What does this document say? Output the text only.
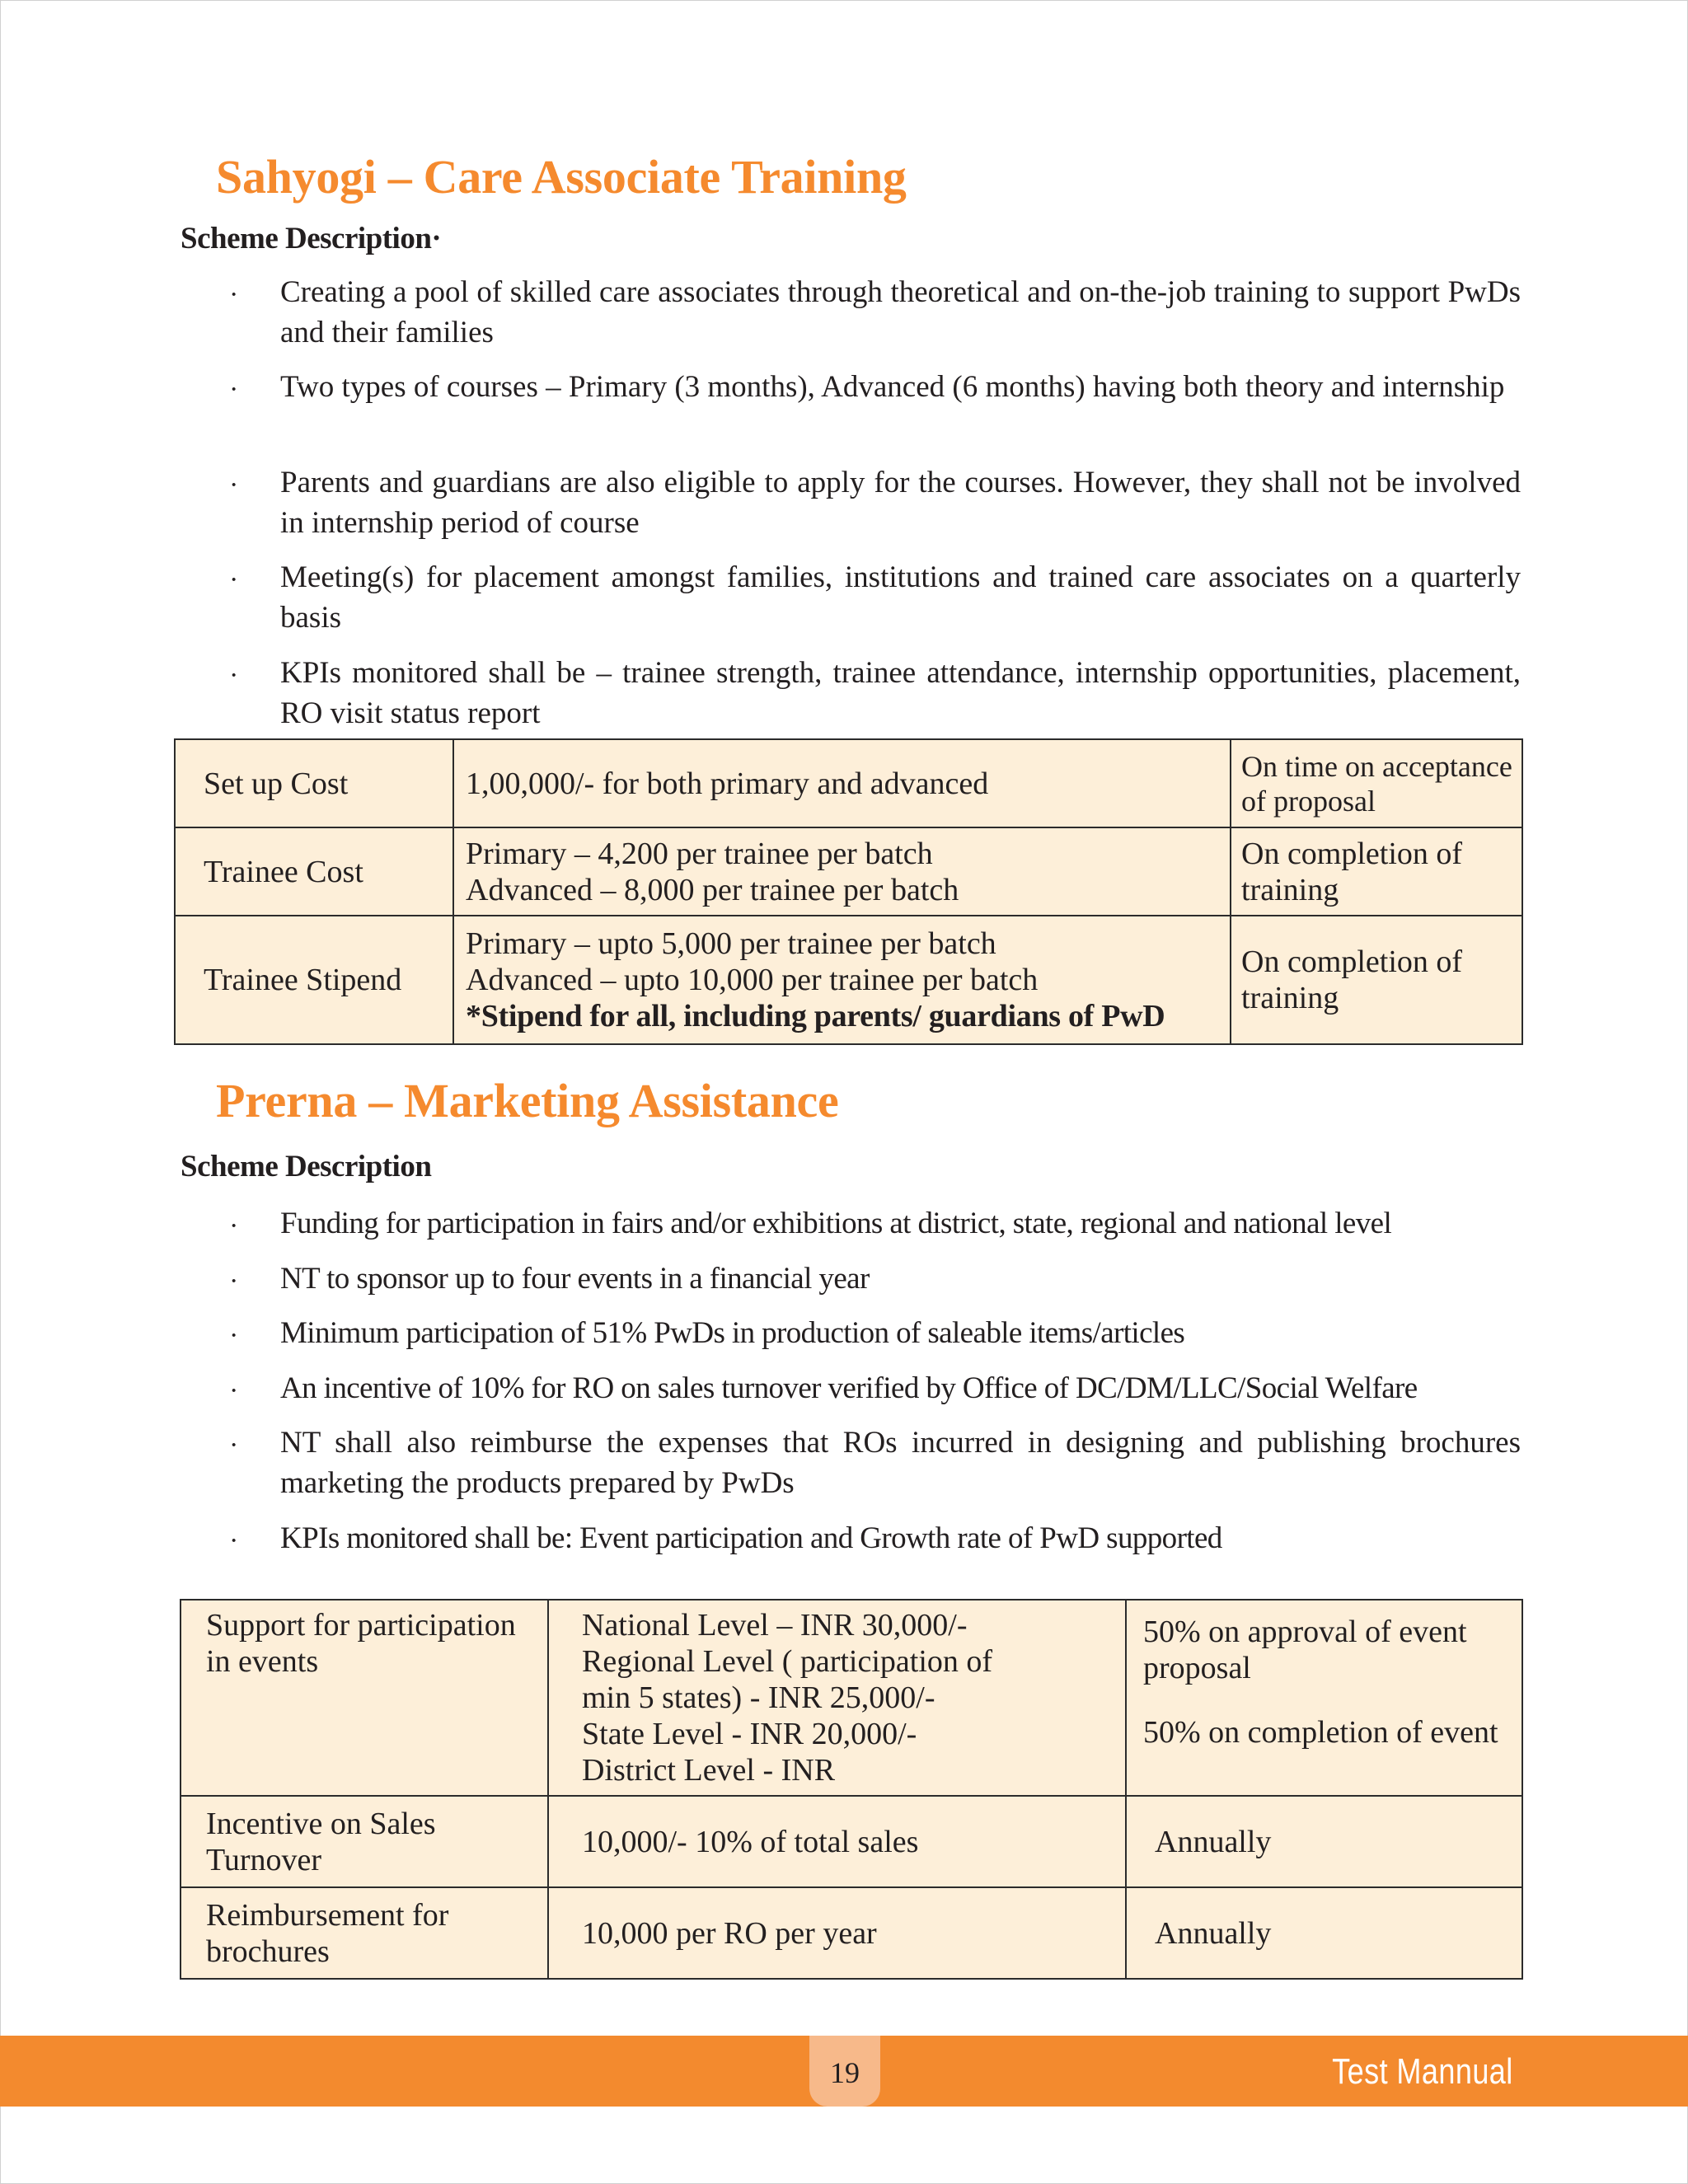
Sahyogi – Care Associate Training
Scheme Description·
· Creating a pool of skilled care associates through theoretical and on-the-job training to support PwDs and their families
· Two types of courses – Primary (3 months), Advanced (6 months) having both theory and internship
· Parents and guardians are also eligible to apply for the courses. However, they shall not be involved in internship period of course
· Meeting(s) for placement amongst families, institutions and trained care associates on a quarterly basis
· KPIs monitored shall be – trainee strength, trainee attendance, internship opportunities, placement, RO visit status report
Set up Cost	1,00,000/- for both primary and advanced	On time on acceptance
of proposal

Trainee Cost	Primary – 4,200 per trainee per batch
Advanced – 8,000 per trainee per batch	On completion of
training

Trainee Stipend	Primary – upto 5,000 per trainee per batch
Advanced – upto 10,000 per trainee per batch
*Stipend for all, including parents/ guardians of PwD	On completion of
training
Prerna – Marketing Assistance
Scheme Description
· Funding for participation in fairs and/or exhibitions at district, state, regional and national level
· NT to sponsor up to four events in a financial year
· Minimum participation of 51% PwDs in production of saleable items/articles
· An incentive of 10% for RO on sales turnover verified by Office of DC/DM/LLC/Social Welfare
· NT shall also reimburse the expenses that ROs incurred in designing and publishing brochures marketing the products prepared by PwDs
· KPIs monitored shall be: Event participation and Growth rate of PwD supported
Support for participation
in events	National Level – INR 30,000/-
Regional Level ( participation of
min 5 states) - INR 25,000/-
State Level - INR 20,000/-
District Level - INR	50% on approval of event
proposal
50% on completion of event

Incentive on Sales
Turnover	10,000/- 10% of total sales	Annually

Reimbursement for
brochures	10,000 per RO per year	Annually
19	Test Mannual
